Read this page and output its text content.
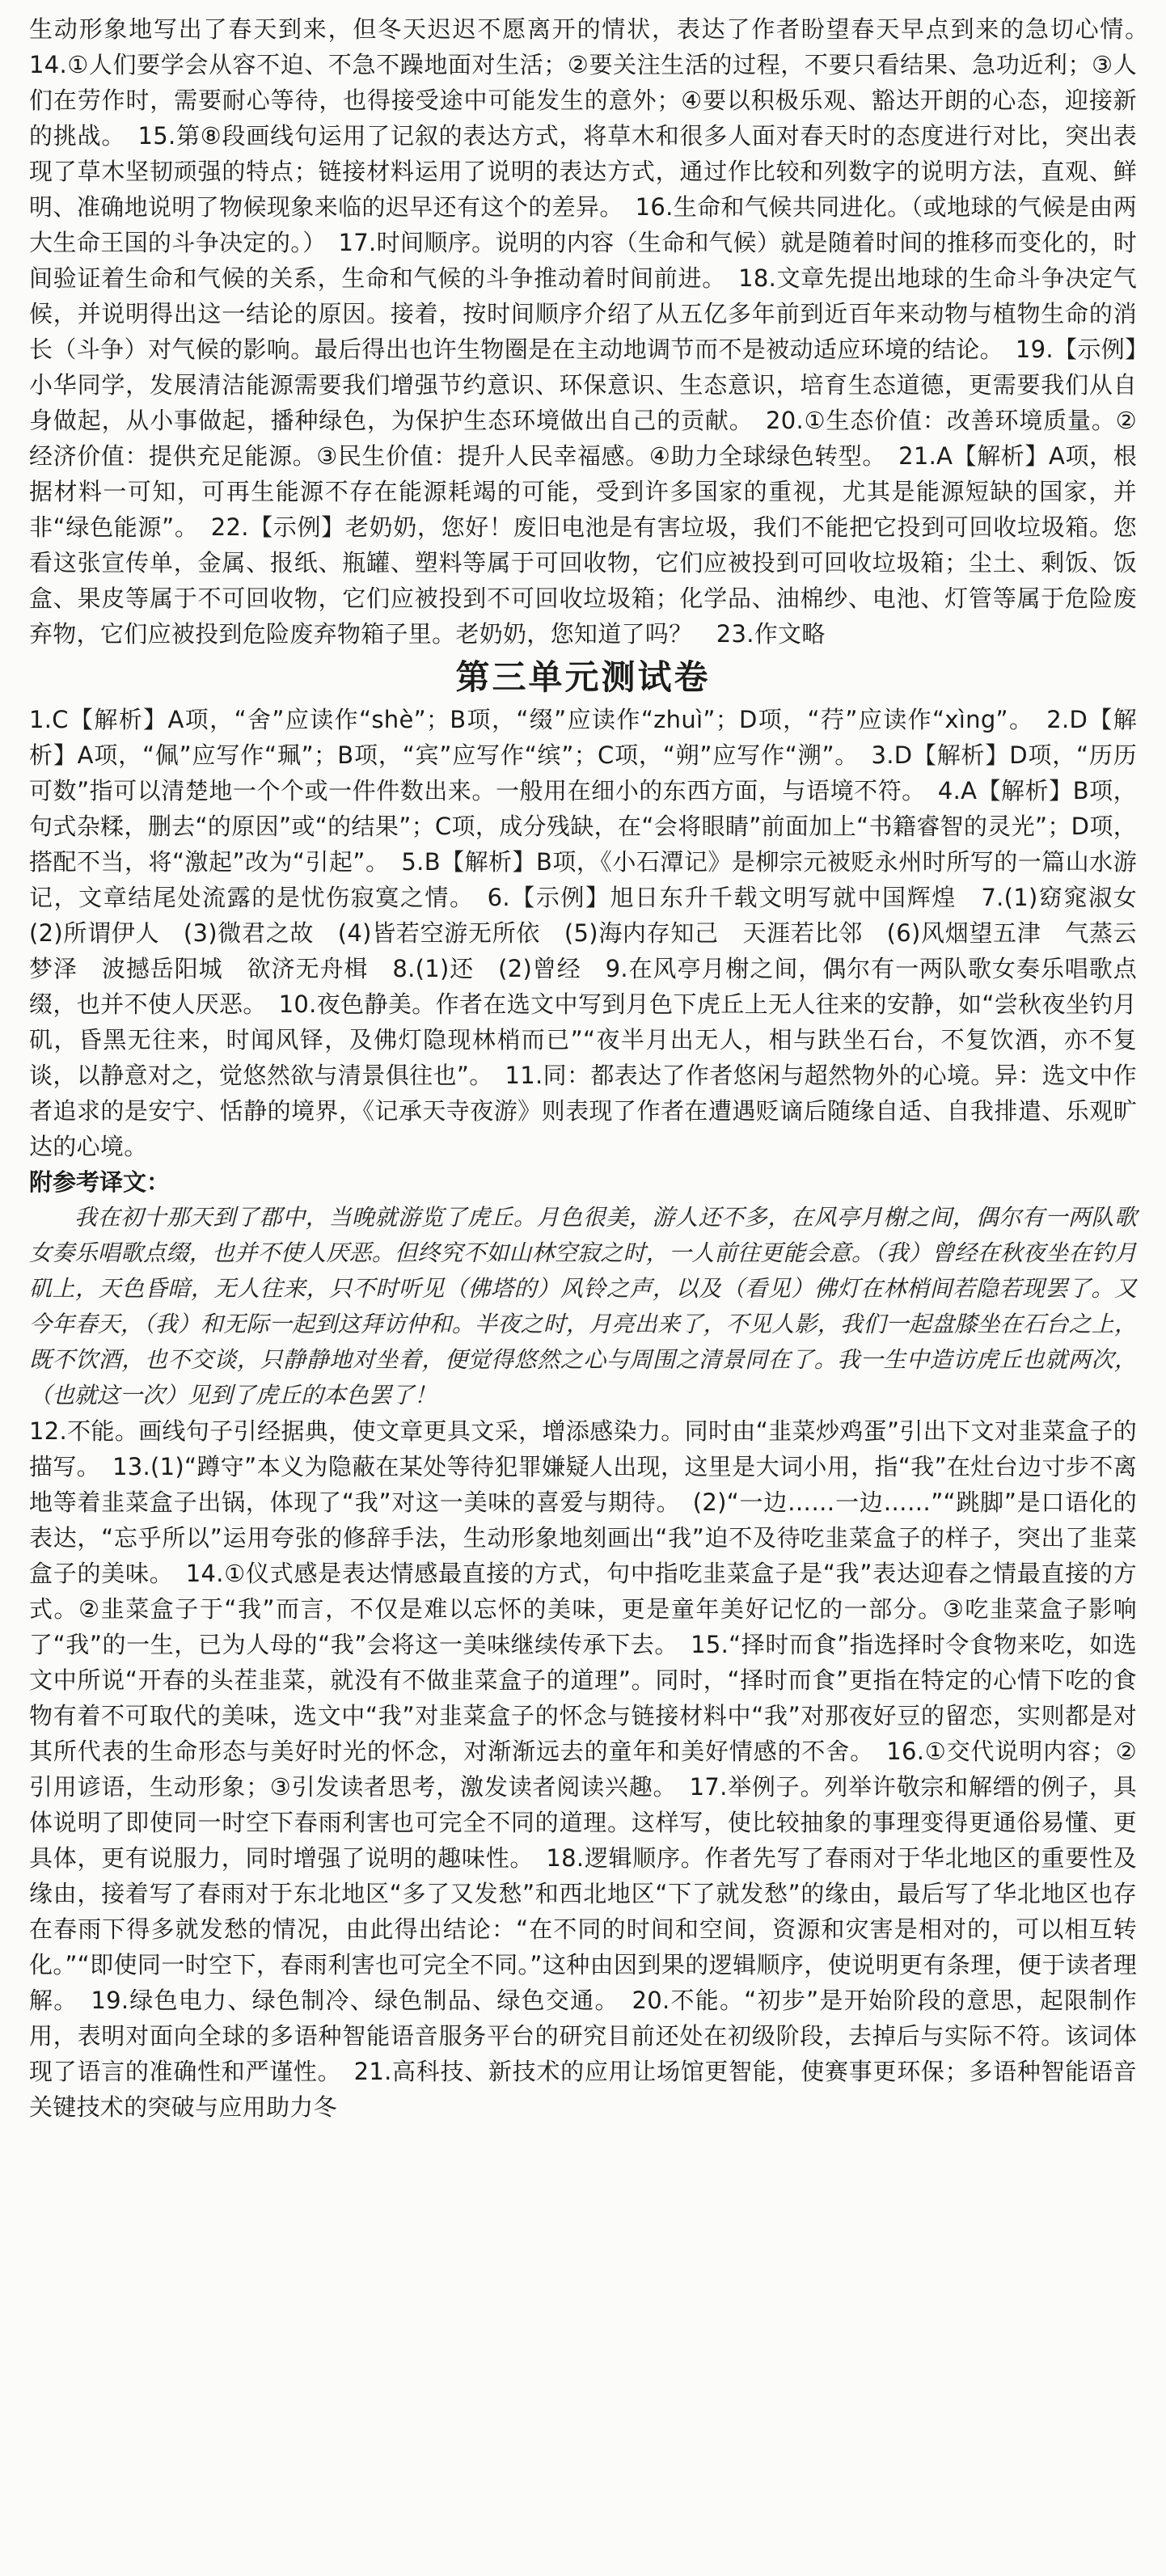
生动形象地写出了春天到来，但冬天迟迟不愿离开的情状，表达了作者盼望春天早点到来的急切心情。　14.①人们要学会从容不迫、不急不躁地面对生活；②要关注生活的过程，不要只看结果、急功近利；③人们在劳作时，需要耐心等待，也得接受途中可能发生的意外；④要以积极乐观、豁达开朗的心态，迎接新的挑战。　15.第⑧段画线句运用了记叙的表达方式，将草木和很多人面对春天时的态度进行对比，突出表现了草木坚韧顽强的特点；链接材料运用了说明的表达方式，通过作比较和列数字的说明方法，直观、鲜明、准确地说明了物候现象来临的迟早还有这个的差异。　16.生命和气候共同进化。（或地球的气候是由两大生命王国的斗争决定的。）　17.时间顺序。说明的内容（生命和气候）就是随着时间的推移而变化的，时间验证着生命和气候的关系，生命和气候的斗争推动着时间前进。　18.文章先提出地球的生命斗争决定气候，并说明得出这一结论的原因。接着，按时间顺序介绍了从五亿多年前到近百年来动物与植物生命的消长（斗争）对气候的影响。最后得出也许生物圈是在主动地调节而不是被动适应环境的结论。　19.【示例】小华同学，发展清洁能源需要我们增强节约意识、环保意识、生态意识，培育生态道德，更需要我们从自身做起，从小事做起，播种绿色，为保护生态环境做出自己的贡献。　20.①生态价值：改善环境质量。②经济价值：提供充足能源。③民生价值：提升人民幸福感。④助力全球绿色转型。　21.A【解析】A项，根据材料一可知，可再生能源不存在能源耗竭的可能，受到许多国家的重视，尤其是能源短缺的国家，并非“绿色能源”。　22.【示例】老奶奶，您好！废旧电池是有害垃圾，我们不能把它投到可回收垃圾箱。您看这张宣传单，金属、报纸、瓶罐、塑料等属于可回收物，它们应被投到可回收垃圾箱；尘土、剩饭、饭盒、果皮等属于不可回收物，它们应被投到不可回收垃圾箱；化学品、油棉纱、电池、灯管等属于危险废弃物，它们应被投到危险废弃物箱子里。老奶奶，您知道了吗？　23.作文略

第三单元测试卷

1.C【解析】A项，“舍”应读作“shè”；B项，“缀”应读作“zhuì”；D项，“荇”应读作“xìng”。　2.D【解析】A项，“佩”应写作“珮”；B项，“宾”应写作“缤”；C项，“朔”应写作“溯”。　3.D【解析】D项，“历历可数”指可以清楚地一个个或一件件数出来。一般用在细小的东西方面，与语境不符。　4.A【解析】B项，句式杂糅，删去“的原因”或“的结果”；C项，成分残缺，在“会将眼睛”前面加上“书籍睿智的灵光”；D项，搭配不当，将“激起”改为“引起”。　5.B【解析】B项，《小石潭记》是柳宗元被贬永州时所写的一篇山水游记，文章结尾处流露的是忧伤寂寞之情。　6.【示例】旭日东升千载文明写就中国辉煌　7.(1)窈窕淑女　(2)所谓伊人　(3)微君之故　(4)皆若空游无所依　(5)海内存知己　天涯若比邻　(6)风烟望五津　气蒸云梦泽　波撼岳阳城　欲济无舟楫　8.(1)还　(2)曾经　9.在风亭月榭之间，偶尔有一两队歌女奏乐唱歌点缀，也并不使人厌恶。　10.夜色静美。作者在选文中写到月色下虎丘上无人往来的安静，如“尝秋夜坐钓月矶，昏黑无往来，时闻风铎，及佛灯隐现林梢而已”“夜半月出无人，相与趺坐石台，不复饮酒，亦不复谈，以静意对之，觉悠然欲与清景俱往也”。　11.同：都表达了作者悠闲与超然物外的心境。异：选文中作者追求的是安宁、恬静的境界，《记承天寺夜游》则表现了作者在遭遇贬谪后随缘自适、自我排遣、乐观旷达的心境。

附参考译文：

我在初十那天到了郡中，当晚就游览了虎丘。月色很美，游人还不多，在风亭月榭之间，偶尔有一两队歌女奏乐唱歌点缀，也并不使人厌恶。但终究不如山林空寂之时，一人前往更能会意。（我）曾经在秋夜坐在钓月矶上，天色昏暗，无人往来，只不时听见（佛塔的）风铃之声，以及（看见）佛灯在林梢间若隐若现罢了。又今年春天，（我）和无际一起到这拜访仲和。半夜之时，月亮出来了，不见人影，我们一起盘膝坐在石台之上，既不饮酒，也不交谈，只静静地对坐着，便觉得悠然之心与周围之清景同在了。我一生中造访虎丘也就两次，（也就这一次）见到了虎丘的本色罢了！

12.不能。画线句子引经据典，使文章更具文采，增添感染力。同时由“韭菜炒鸡蛋”引出下文对韭菜盒子的描写。　13.(1)“蹲守”本义为隐蔽在某处等待犯罪嫌疑人出现，这里是大词小用，指“我”在灶台边寸步不离地等着韭菜盒子出锅，体现了“我”对这一美味的喜爱与期待。　(2)“一边……一边……”“跳脚”是口语化的表达，“忘乎所以”运用夸张的修辞手法，生动形象地刻画出“我”迫不及待吃韭菜盒子的样子，突出了韭菜盒子的美味。　14.①仪式感是表达情感最直接的方式，句中指吃韭菜盒子是“我”表达迎春之情最直接的方式。②韭菜盒子于“我”而言，不仅是难以忘怀的美味，更是童年美好记忆的一部分。③吃韭菜盒子影响了“我”的一生，已为人母的“我”会将这一美味继续传承下去。　15.“择时而食”指选择时令食物来吃，如选文中所说“开春的头茬韭菜，就没有不做韭菜盒子的道理”。同时，“择时而食”更指在特定的心情下吃的食物有着不可取代的美味，选文中“我”对韭菜盒子的怀念与链接材料中“我”对那夜好豆的留恋，实则都是对其所代表的生命形态与美好时光的怀念，对渐渐远去的童年和美好情感的不舍。　16.①交代说明内容；②引用谚语，生动形象；③引发读者思考，激发读者阅读兴趣。　17.举例子。列举许敬宗和解缙的例子，具体说明了即使同一时空下春雨利害也可完全不同的道理。这样写，使比较抽象的事理变得更通俗易懂、更具体，更有说服力，同时增强了说明的趣味性。　18.逻辑顺序。作者先写了春雨对于华北地区的重要性及缘由，接着写了春雨对于东北地区“多了又发愁”和西北地区“下了就发愁”的缘由，最后写了华北地区也存在春雨下得多就发愁的情况，由此得出结论：“在不同的时间和空间，资源和灾害是相对的，可以相互转化。”“即使同一时空下，春雨利害也可完全不同。”这种由因到果的逻辑顺序，使说明更有条理，便于读者理解。　19.绿色电力、绿色制冷、绿色制品、绿色交通。　20.不能。“初步”是开始阶段的意思，起限制作用，表明对面向全球的多语种智能语音服务平台的研究目前还处在初级阶段，去掉后与实际不符。该词体现了语言的准确性和严谨性。　21.高科技、新技术的应用让场馆更智能，使赛事更环保；多语种智能语音关键技术的突破与应用助力冬
